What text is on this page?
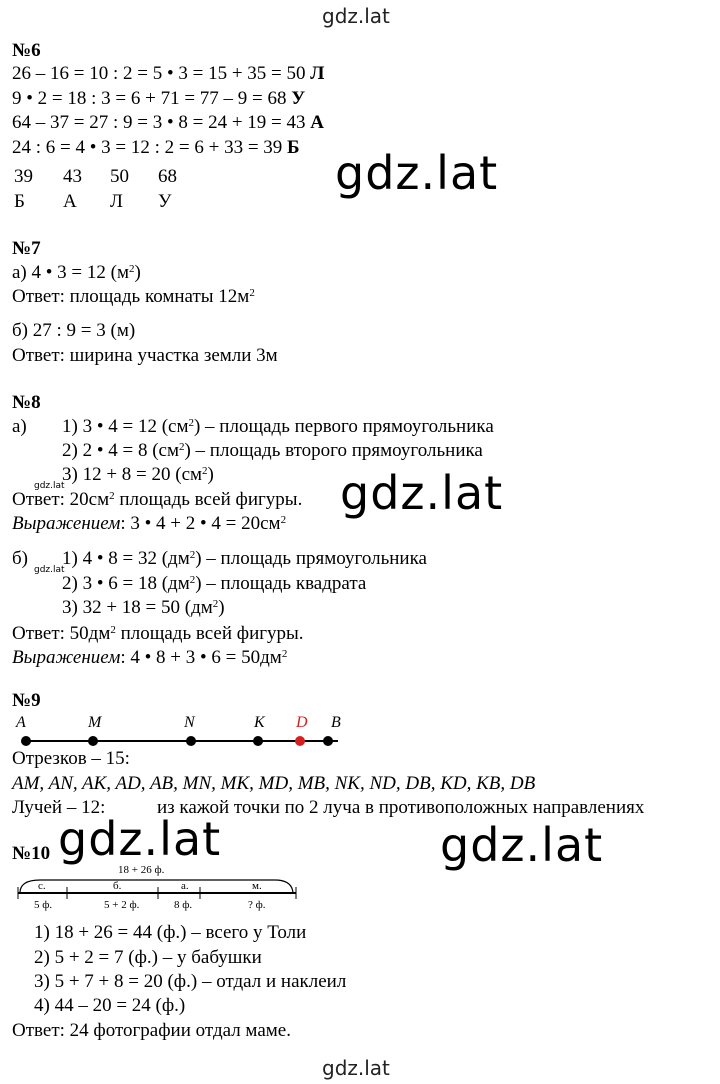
gdz.lat
gdz.lat
№6
26 – 16 = 10 : 2 = 5 • 3 = 15 + 35 = 50 Л
9 • 2 = 18 : 3 = 6 + 71 = 77 – 9 = 68 У
64 – 37 = 27 : 9 = 3 • 8 = 24 + 19 = 43 А
24 : 6 = 4 • 3 = 12 : 2 = 6 + 33 = 39 Б
39 43 50 68
Б А Л У
gdz.lat
№7
а) 4 • 3 = 12 $(м^2)$
Ответ: площадь комнаты $12м^2$
б) 27 : 9 = 3 (м)
Ответ: ширина участка земли 3м
№8
а) 1) 3 • 4 = 12 $(см^2)$ – площадь первого прямоугольника
2) 2 • 4 = 8 $(см^2)$ – площадь второго прямоугольника
3) 12 + 8 = 20 $(см^2)$
gdz.lat
Ответ: $20см^2$ площадь всей фигуры.
Выражением: 3 • 4 + 2 • $4 = 20см^2$ gdz.lat
б)
gdz.lat
1) 4 • 8 = 32 $(дм^2)$ – площадь прямоугольника
2) 3 • 6 = 18 $(дм^2)$ – площадь квадрата
3) 32 + 18 = 50 $(дм^2)$
Ответ: $50дм^2$ площадь всей фигуры.
Выражением: 4 • 8 + 3 • $6 = 50дм^2$
№9
A	M	N	K D B
Отрезков – 15:
AM, AN, AK, AD, AB, MN, MK, MD, MB, NK, ND, DB, KD, KB, DB
Лучей – 12:	из кажой точки по 2 луча в противоположных направлениях
№10 gdz.lat	gdz.lat
18 + 26 ф.
с.	б.	а.	м.
5 ф.	5 + 2 ф.	8 ф.	? ф.
1) 18 + 26 = 44 (ф.) – всего у Толи
2) 5 + 2 = 7 (ф.) – у бабушки
3) 5 + 7 + 8 = 20 (ф.) – отдал и наклеил
4) 44 – 20 = 24 (ф.)
Ответ: 24 фотографии отдал маме.
